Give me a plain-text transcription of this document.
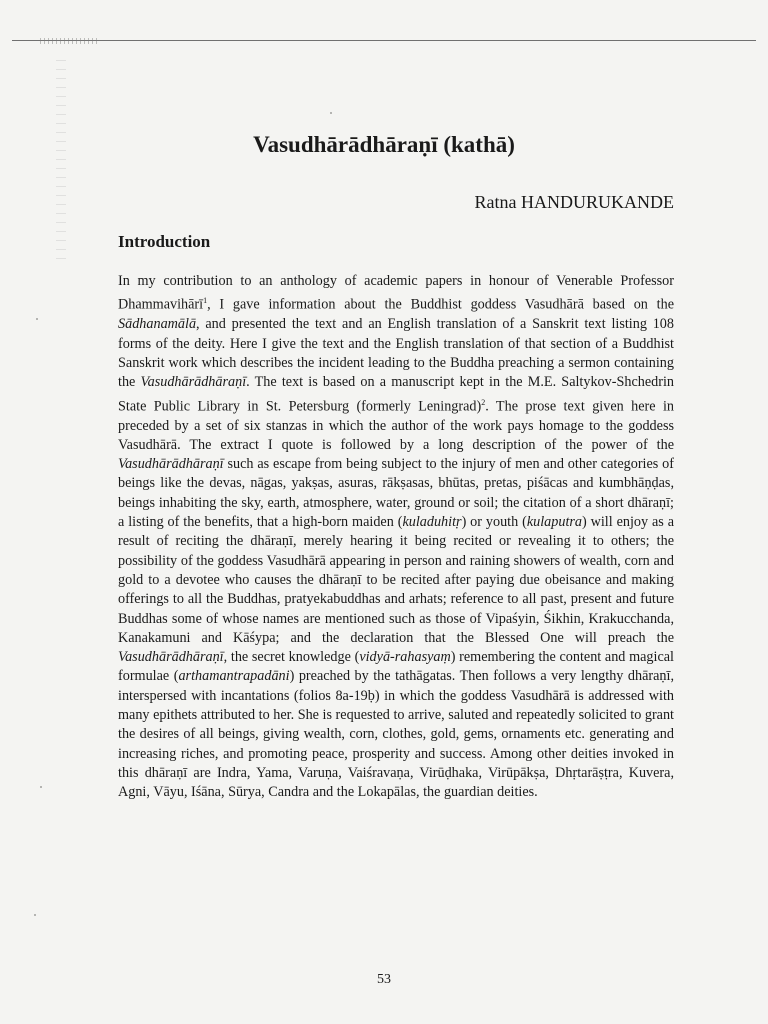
Vasudhārādhāraṇī (kathā)

Ratna HANDURUKANDE

Introduction

In my contribution to an anthology of academic papers in honour of Venerable Professor Dhammavihārī$^1$, I gave information about the Buddhist goddess Vasudhārā based on the Sādhanamālā, and presented the text and an English translation of a Sanskrit text listing 108 forms of the deity. Here I give the text and the English translation of that section of a Buddhist Sanskrit work which describes the incident leading to the Buddha preaching a sermon containing the Vasudhārādhāraṇī. The text is based on a manuscript kept in the M.E. Saltykov-Shchedrin State Public Library in St. Petersburg (formerly Leningrad)$^2$. The prose text given here in preceded by a set of six stanzas in which the author of the work pays homage to the goddess Vasudhārā. The extract I quote is followed by a long description of the power of the Vasudhārādhāraṇī such as escape from being subject to the injury of men and other categories of beings like the devas, nāgas, yakṣas, asuras, rākṣasas, bhūtas, pretas, piśācas and kumbhāṇḍas, beings inhabiting the sky, earth, atmosphere, water, ground or soil; the citation of a short dhāraṇī; a listing of the benefits, that a high-born maiden (kuladuhitṛ) or youth (kulaputra) will enjoy as a result of reciting the dhāraṇī, merely hearing it being recited or revealing it to others; the possibility of the goddess Vasudhārā appearing in person and raining showers of wealth, corn and gold to a devotee who causes the dhāraṇī to be recited after paying due obeisance and making offerings to all the Buddhas, pratyekabuddhas and arhats; reference to all past, present and future Buddhas some of whose names are mentioned such as those of Vipaśyin, Śikhin, Krakucchanda, Kanakamuni and Kāśypa; and the declaration that the Blessed One will preach the Vasudhārādhāraṇī, the secret knowledge (vidyā-rahasyaṃ) remembering the content and magical formulae (arthamantrapadāni) preached by the tathāgatas. Then follows a very lengthy dhāraṇī, interspersed with incantations (folios 8a-19ḅ) in which the goddess Vasudhārā is addressed with many epithets attributed to her. She is requested to arrive, saluted and repeatedly solicited to grant the desires of all beings, giving wealth, corn, clothes, gold, gems, ornaments etc. generating and increasing riches, and promoting peace, prosperity and success. Among other deities invoked in this dhāraṇī are Indra, Yama, Varuṇa, Vaiśravaṇa, Virūḍhaka, Virūpākṣa, Dhṛtarāṣṭra, Kuvera, Agni, Vāyu, Iśāna, Sūrya, Candra and the Lokapālas, the guardian deities.

53
